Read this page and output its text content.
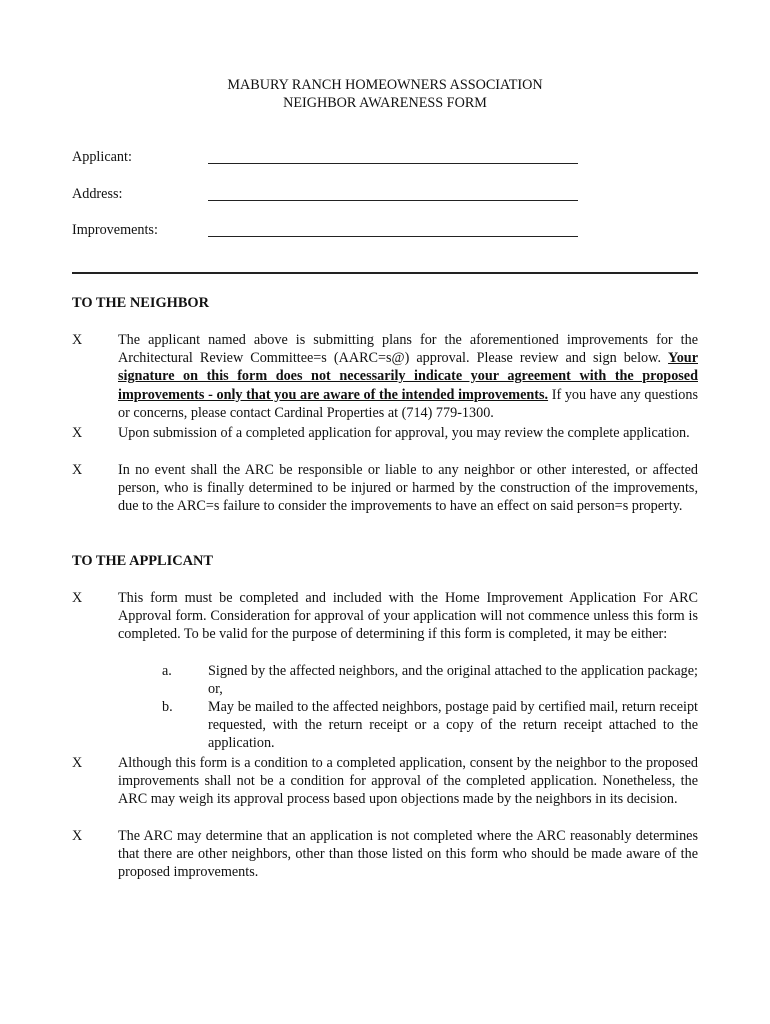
MABURY RANCH HOMEOWNERS ASSOCIATION
NEIGHBOR AWARENESS FORM
Applicant:
Address:
Improvements:
TO THE NEIGHBOR
X	The applicant named above is submitting plans for the aforementioned improvements for the Architectural Review Committee=s (AARC=s@) approval. Please review and sign below. Your signature on this form does not necessarily indicate your agreement with the proposed improvements - only that you are aware of the intended improvements. If you have any questions or concerns, please contact Cardinal Properties at (714) 779-1300.
X	Upon submission of a completed application for approval, you may review the complete application.
X	In no event shall the ARC be responsible or liable to any neighbor or other interested, or affected person, who is finally determined to be injured or harmed by the construction of the improvements, due to the ARC=s failure to consider the improvements to have an effect on said person=s property.
TO THE APPLICANT
X	This form must be completed and included with the Home Improvement Application For ARC Approval form. Consideration for approval of your application will not commence unless this form is completed. To be valid for the purpose of determining if this form is completed, it may be either:
a.	Signed by the affected neighbors, and the original attached to the application package; or,
b. May be mailed to the affected neighbors, postage paid by certified mail, return receipt requested, with the return receipt or a copy of the return receipt attached to the application.
X	Although this form is a condition to a completed application, consent by the neighbor to the proposed improvements shall not be a condition for approval of the completed application. Nonetheless, the ARC may weigh its approval process based upon objections made by the neighbors in its decision.
X	The ARC may determine that an application is not completed where the ARC reasonably determines that there are other neighbors, other than those listed on this form who should be made aware of the proposed improvements.
